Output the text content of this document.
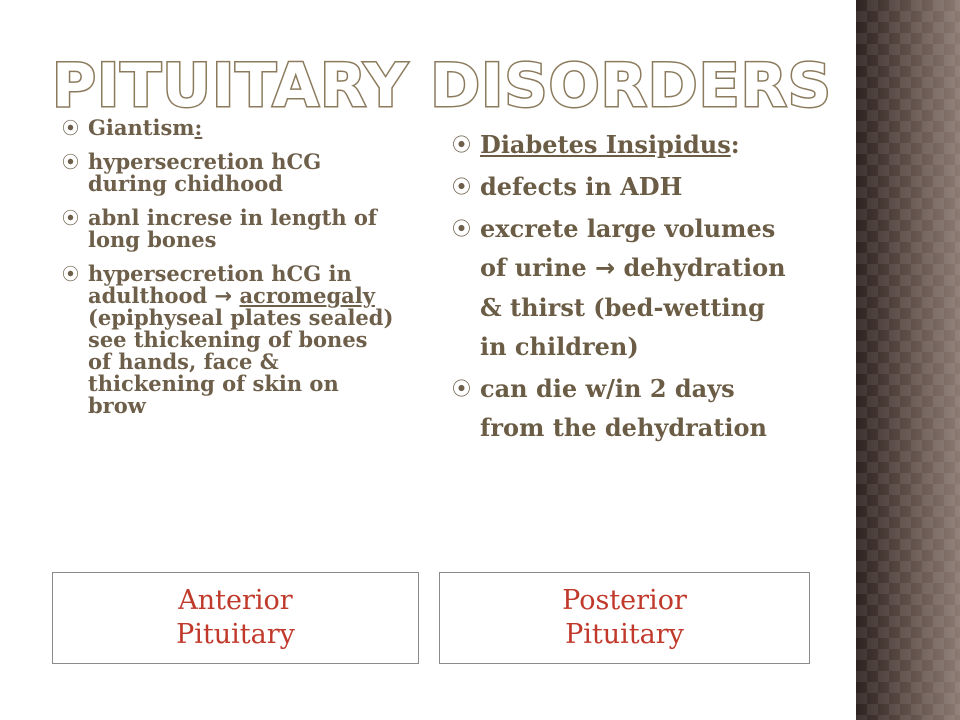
PITUITARY DISORDERS
⦿ Giantism:
⦿ hypersecretion hCG during chidhood
⦿ abnl increse in length of long bones
⦿ hypersecretion hCG in adulthood → acromegaly (epiphyseal plates sealed) see thickening of bones of hands, face & thickening of skin on brow
⦿ Diabetes Insipidus:
⦿ defects in ADH
⦿ excrete large volumes of urine → dehydration & thirst (bed-wetting in children)
⦿ can die w/in 2 days from the dehydration
Anterior
Pituitary
Posterior
Pituitary
